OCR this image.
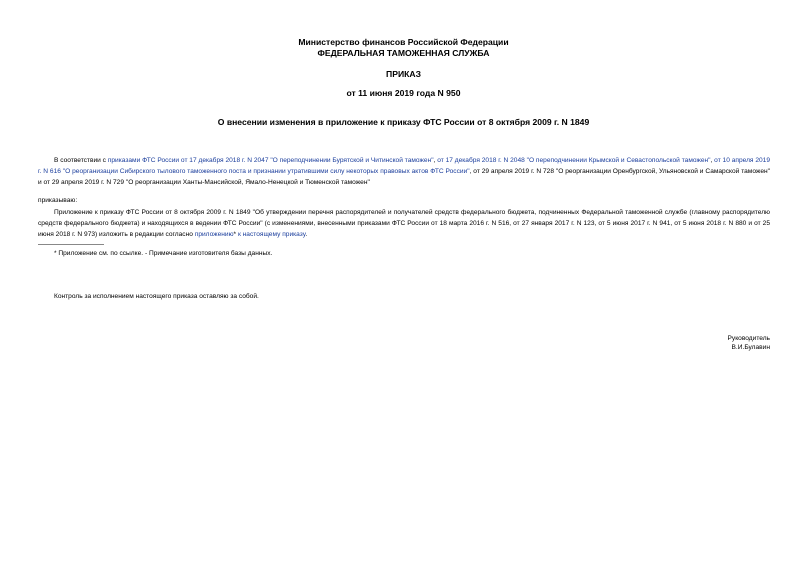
Министерство финансов Российской Федерации
ФЕДЕРАЛЬНАЯ ТАМОЖЕННАЯ СЛУЖБА
ПРИКАЗ
от 11 июня 2019 года N 950
О внесении изменения в приложение к приказу ФТС России от 8 октября 2009 г. N 1849
В соответствии с приказами ФТС России от 17 декабря 2018 г. N 2047 "О переподчинении Бурятской и Читинской таможен", от 17 декабря 2018 г. N 2048 "О переподчинении Крымской и Севастопольской таможен", от 10 апреля 2019 г. N 616 "О реорганизации Сибирского тылового таможенного поста и признании утратившими силу некоторых правовых актов ФТС России", от 29 апреля 2019 г. N 728 "О реорганизации Оренбургской, Ульяновской и Самарской таможен" и от 29 апреля 2019 г. N 729 "О реорганизации Ханты-Мансийской, Ямало-Ненецкой и Тюменской таможен"
приказываю:
Приложение к приказу ФТС России от 8 октября 2009 г. N 1849 "Об утверждении перечня распорядителей и получателей средств федерального бюджета, подчиненных Федеральной таможенной службе (главному распорядителю средств федерального бюджета) и находящихся в ведении ФТС России" (с изменениями, внесенными приказами ФТС России от 18 марта 2016 г. N 516, от 27 января 2017 г. N 123, от 5 июня 2017 г. N 941, от 5 июня 2018 г. N 880 и от 25 июня 2018 г. N 973) изложить в редакции согласно приложению* к настоящему приказу.
* Приложение см. по ссылке. - Примечание изготовителя базы данных.
Контроль за исполнением настоящего приказа оставляю за собой.
Руководитель
В.И.Булавин
